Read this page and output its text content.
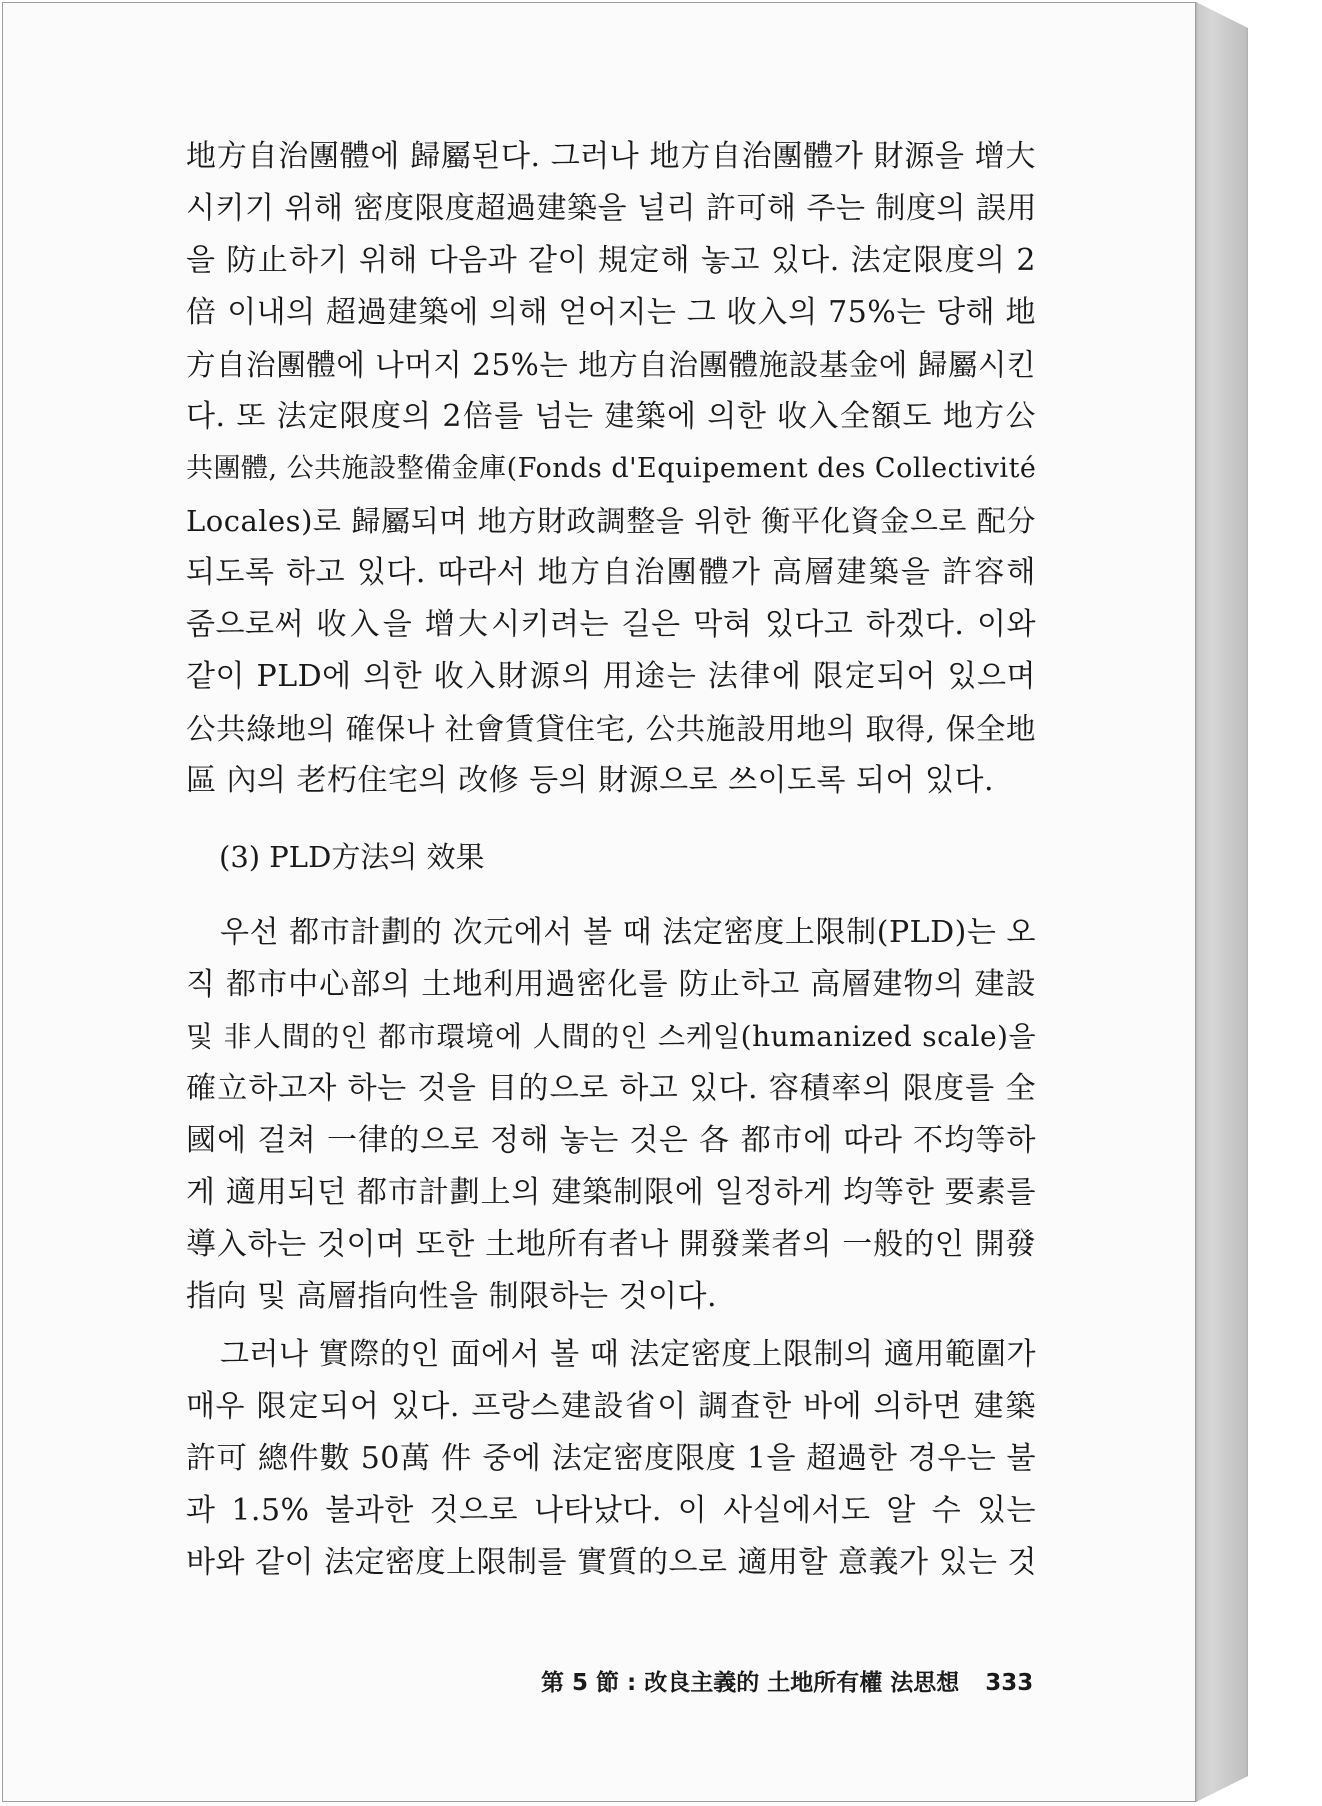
地方自治團體에 歸屬된다. 그러나 地方自治團體가 財源을 增大
시키기 위해 密度限度超過建築을 널리 許可해 주는 制度의 誤用
을 防止하기 위해 다음과 같이 規定해 놓고 있다. 法定限度의 2
倍 이내의 超過建築에 의해 얻어지는 그 收入의 75%는 당해 地
方自治團體에 나머지 25%는 地方自治團體施設基金에 歸屬시킨
다. 또 法定限度의 2倍를 넘는 建築에 의한 收入全額도 地方公
共團體, 公共施設整備金庫(Fonds d'Equipement des Collectivité
Locales)로 歸屬되며 地方財政調整을 위한 衡平化資金으로 配分
되도록 하고 있다. 따라서 地方自治團體가 高層建築을 許容해
줌으로써 收入을 增大시키려는 길은 막혀 있다고 하겠다. 이와
같이 PLD에 의한 收入財源의 用途는 法律에 限定되어 있으며
公共綠地의 確保나 社會賃貸住宅, 公共施設用地의 取得, 保全地
區 內의 老朽住宅의 改修 등의 財源으로 쓰이도록 되어 있다.
(3) PLD方法의 效果
우선 都市計劃的 次元에서 볼 때 法定密度上限制(PLD)는 오
직 都市中心部의 土地利用過密化를 防止하고 高層建物의 建設
및 非人間的인 都市環境에 人間的인 스케일(humanized scale)을
確立하고자 하는 것을 目的으로 하고 있다. 容積率의 限度를 全
國에 걸쳐 一律的으로 정해 놓는 것은 各 都市에 따라 不均等하
게 適用되던 都市計劃上의 建築制限에 일정하게 均等한 要素를
導入하는 것이며 또한 土地所有者나 開發業者의 一般的인 開發
指向 및 高層指向性을 制限하는 것이다.
그러나 實際的인 面에서 볼 때 法定密度上限制의 適用範圍가
매우 限定되어 있다. 프랑스建設省이 調査한 바에 의하면 建築
許可 總件數 50萬 件 중에 法定密度限度 1을 超過한 경우는 불
과 1.5% 불과한 것으로 나타났다. 이 사실에서도 알 수 있는
바와 같이 法定密度上限制를 實質的으로 適用할 意義가 있는 것
第 5 節 : 改良主義的 土地所有權 法思想 333
